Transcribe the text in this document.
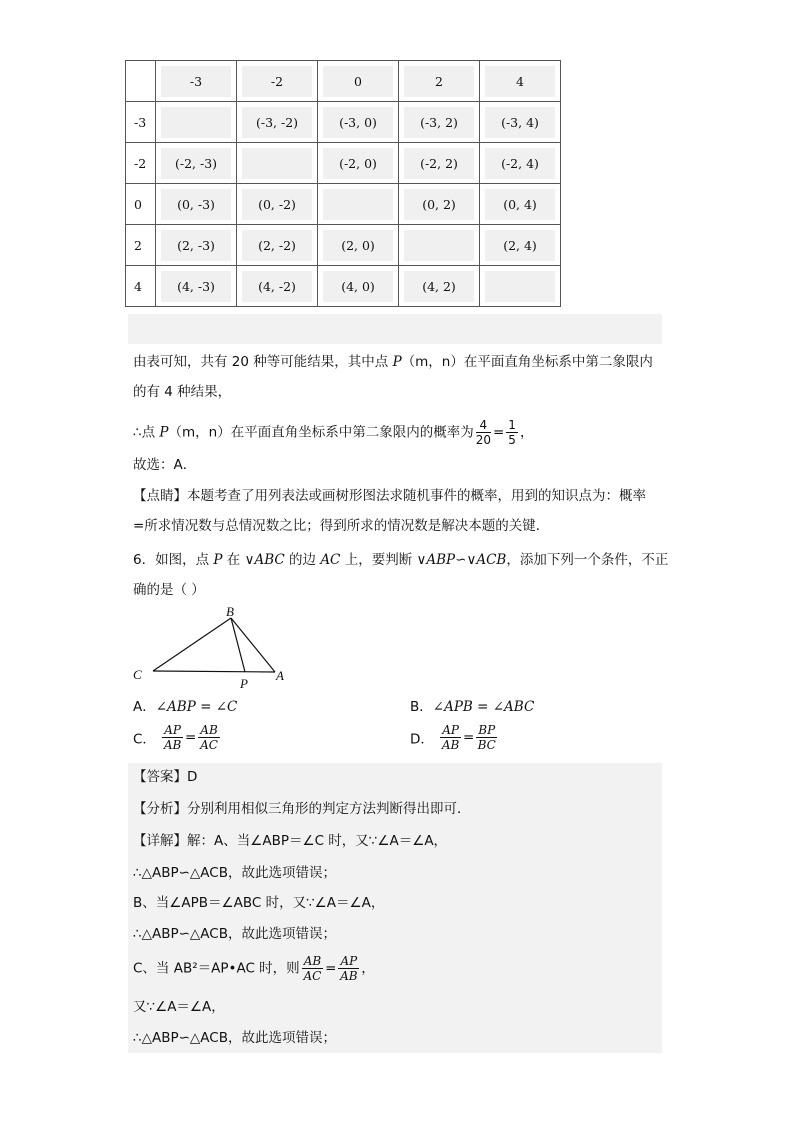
	-3	-2	0	2	4

-3		(-3, -2)	(-3, 0)	(-3, 2)	(-3, 4)

-2	(-2, -3)		(-2, 0)	(-2, 2)	(-2, 4)

0	(0, -3)	(0, -2)		(0, 2)	(0, 4)

2	(2, -3)	(2, -2)	(2, 0)		(2, 4)

4	(4, -3)	(4, -2)	(4, 0)	(4, 2)	

由表可知，共有 20 种等可能结果，其中点 P（m，n）在平面直角坐标系中第二象限内
的有 4 种结果，
∴点 P（m，n）在平面直角坐标系中第二象限内的概率为 $\frac{4}{20} = \frac{1}{5}$ ，
故选：A．
【点睛】本题考查了用列表法或画树形图法求随机事件的概率，用到的知识点为：概率
=所求情况数与总情况数之比；得到所求的情况数是解决本题的关键．
6．如图，点 P 在 ∨ABC 的边 AC 上，要判断 ∨ABP∽∨ACB，添加下列一个条件，不正
确的是（ ）
B
C
P
A
A．∠ABP = ∠C	B．∠APB = ∠ABC
C． $\frac{AP}{AB} = \frac{AB}{AC}$	D． $\frac{AP}{AB} = \frac{BP}{BC}$
【答案】D
【分析】分别利用相似三角形的判定方法判断得出即可．
【详解】解：A、当∠ABP＝∠C 时，又∵∠A＝∠A，
∴△ABP∽△ACB，故此选项错误；
B、当∠APB＝∠ABC 时，又∵∠A＝∠A，
∴△ABP∽△ACB，故此选项错误；
C、当 AB²＝AP•AC 时，则 $\frac{AB}{AC} = \frac{AP}{AB}$ ，
又∵∠A＝∠A，
∴△ABP∽△ACB，故此选项错误；
